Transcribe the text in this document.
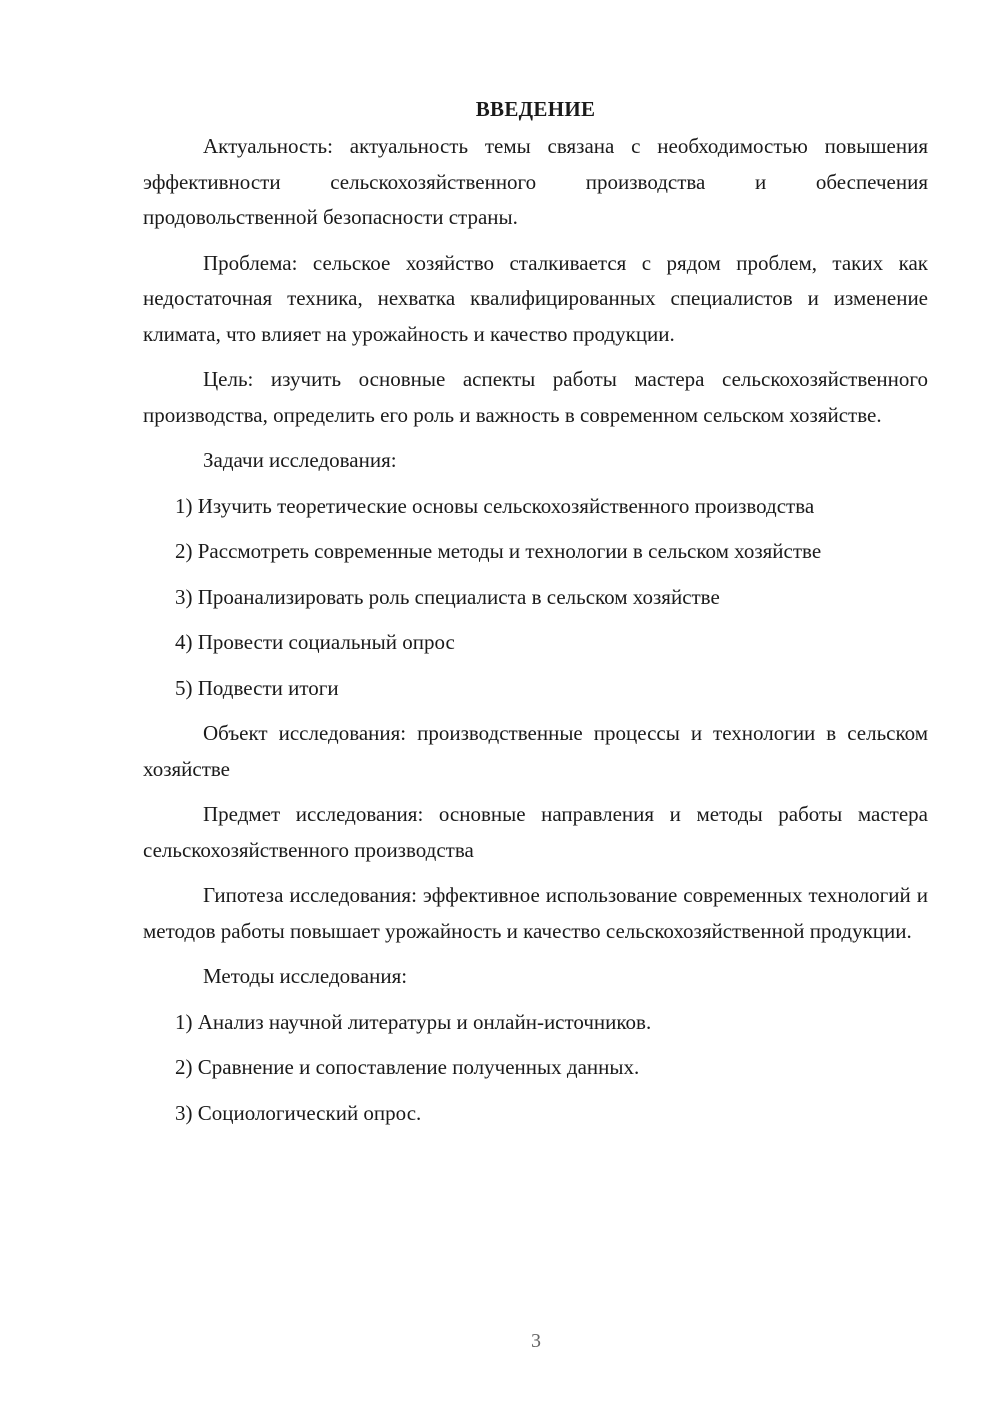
ВВЕДЕНИЕ

Актуальность: актуальность темы связана с необходимостью повышения эффективности сельскохозяйственного производства и обеспечения продовольственной безопасности страны.

Проблема: сельское хозяйство сталкивается с рядом проблем, таких как недостаточная техника, нехватка квалифицированных специалистов и изменение климата, что влияет на урожайность и качество продукции.

Цель: изучить основные аспекты работы мастера сельскохозяйственного производства, определить его роль и важность в современном сельском хозяйстве.

Задачи исследования:

1) Изучить теоретические основы сельскохозяйственного производства

2) Рассмотреть современные методы и технологии в сельском хозяйстве

3) Проанализировать роль специалиста в сельском хозяйстве

4) Провести социальный опрос

5) Подвести итоги

Объект исследования: производственные процессы и технологии в сельском хозяйстве

Предмет исследования: основные направления и методы работы мастера сельскохозяйственного производства

Гипотеза исследования: эффективное использование современных технологий и методов работы повышает урожайность и качество сельскохозяйственной продукции.

Методы исследования:

1) Анализ научной литературы и онлайн-источников.

2) Сравнение и сопоставление полученных данных.

3) Социологический опрос.

3
